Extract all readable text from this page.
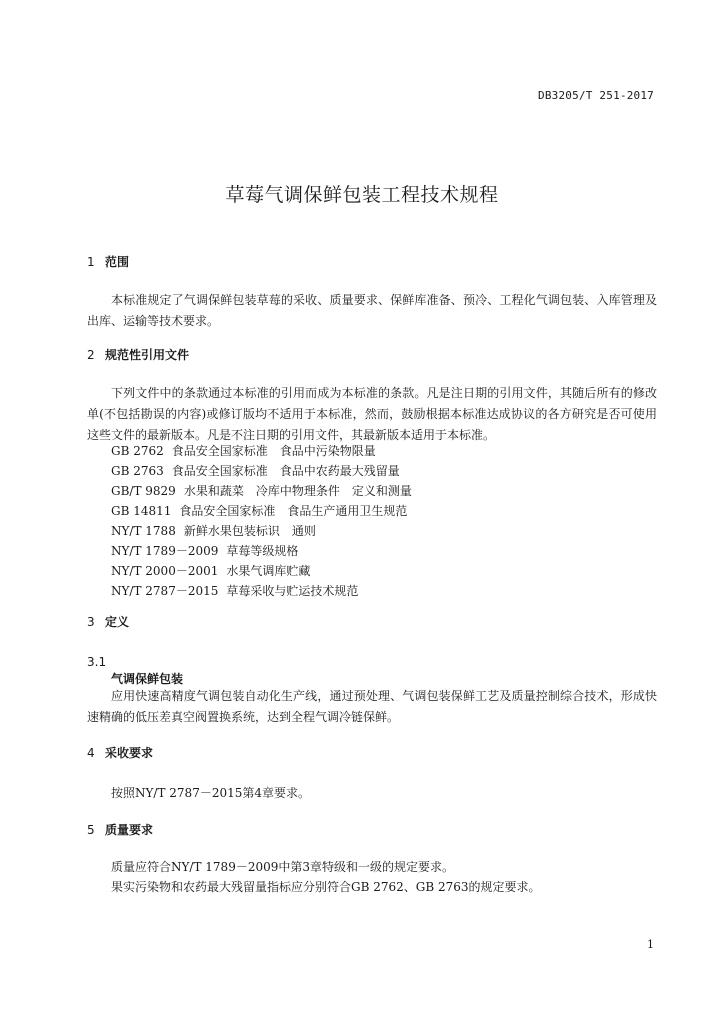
DB3205/T 251-2017
草莓气调保鲜包装工程技术规程
1 范围
本标准规定了气调保鲜包装草莓的采收、质量要求、保鲜库准备、预冷、工程化气调包装、入库管理及出库、运输等技术要求。
2 规范性引用文件
下列文件中的条款通过本标准的引用而成为本标准的条款。凡是注日期的引用文件，其随后所有的修改单(不包括勘误的内容)或修订版均不适用于本标准，然而，鼓励根据本标准达成协议的各方研究是否可使用这些文件的最新版本。凡是不注日期的引用文件，其最新版本适用于本标准。
GB 2762 食品安全国家标准　食品中污染物限量
GB 2763 食品安全国家标准　食品中农药最大残留量
GB/T 9829 水果和蔬菜　冷库中物理条件　定义和测量
GB 14811 食品安全国家标准　食品生产通用卫生规范
NY/T 1788 新鲜水果包装标识　通则
NY/T 1789－2009 草莓等级规格
NY/T 2000－2001 水果气调库贮藏
NY/T 2787－2015 草莓采收与贮运技术规范
3 定义
3.1
气调保鲜包装
应用快速高精度气调包装自动化生产线，通过预处理、气调包装保鲜工艺及质量控制综合技术，形成快速精确的低压差真空阀置换系统，达到全程气调冷链保鲜。
4 采收要求
按照NY/T 2787－2015第4章要求。
5 质量要求
质量应符合NY/T 1789－2009中第3章特级和一级的规定要求。
果实污染物和农药最大残留量指标应分别符合GB 2762、GB 2763的规定要求。
1
